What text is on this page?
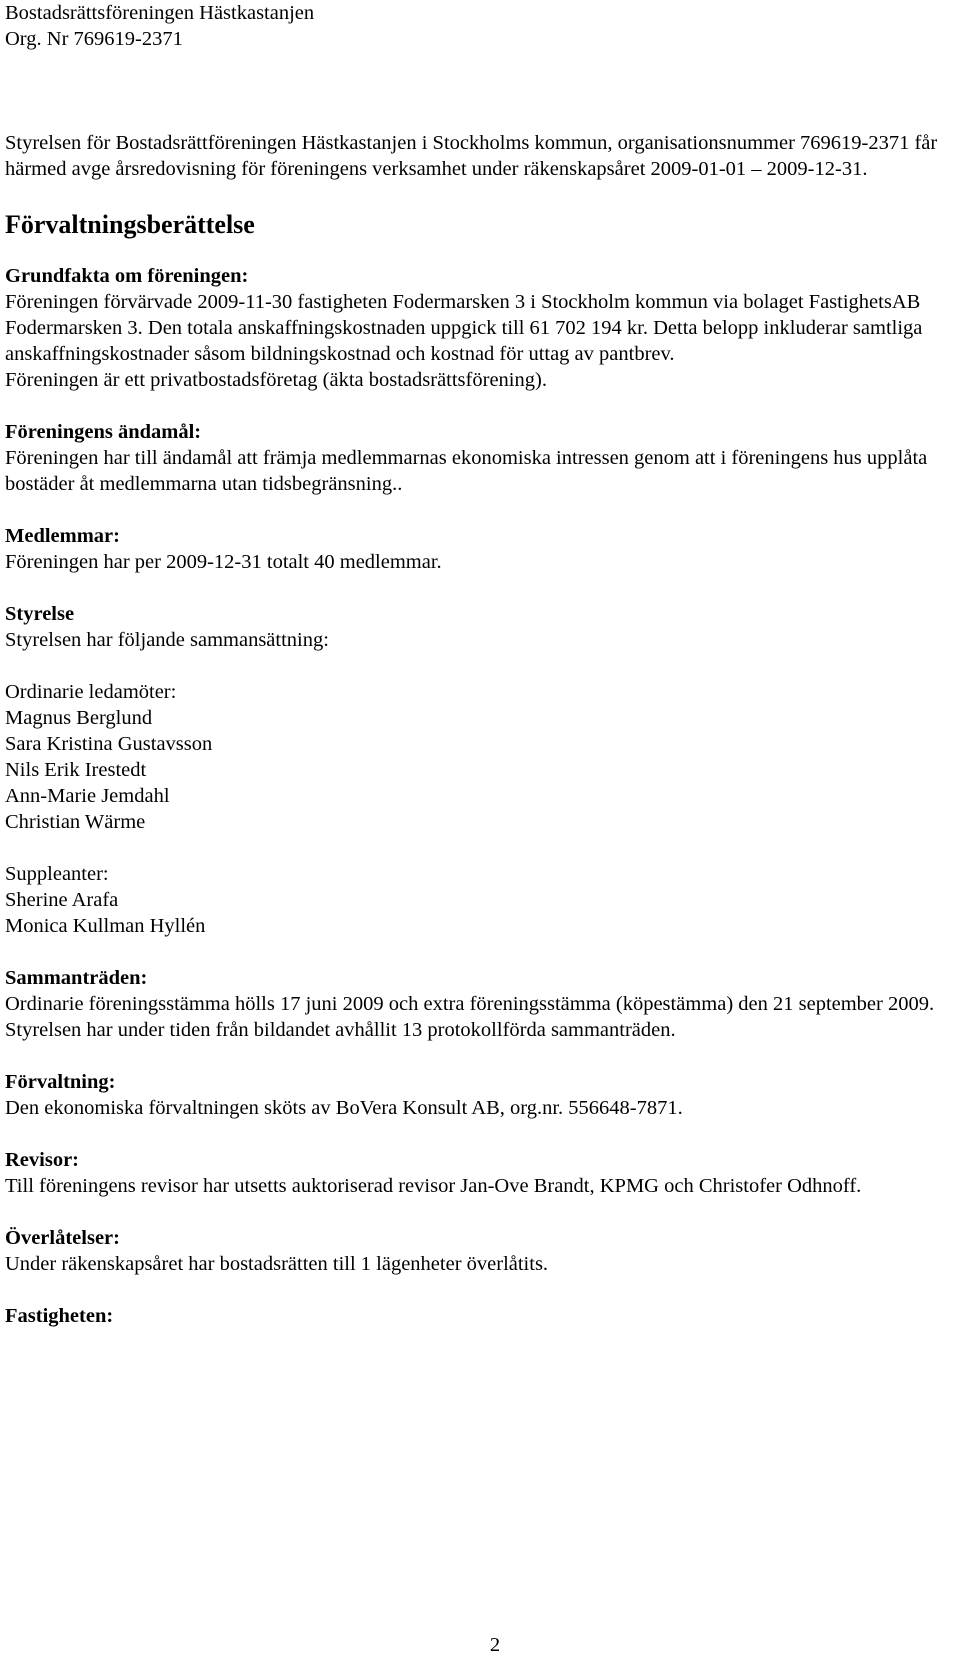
Bostadsrättsföreningen Hästkastanjen

Org. Nr 769619-2371

Styrelsen för Bostadsrättföreningen Hästkastanjen i Stockholms kommun, organisationsnummer 769619-2371 får härmed avge årsredovisning för föreningens verksamhet under räkenskapsåret 2009-01-01 – 2009-12-31.

Förvaltningsberättelse

Grundfakta om föreningen:

Föreningen förvärvade 2009-11-30 fastigheten Fodermarsken 3 i Stockholm kommun via bolaget FastighetsAB Fodermarsken 3. Den totala anskaffningskostnaden uppgick till 61 702 194 kr. Detta belopp inkluderar samtliga anskaffningskostnader såsom bildningskostnad och kostnad för uttag av pantbrev.

Föreningen är ett privatbostadsföretag (äkta bostadsrättsförening).

Föreningens ändamål:

Föreningen har till ändamål att främja medlemmarnas ekonomiska intressen genom att i föreningens hus upplåta bostäder åt medlemmarna utan tidsbegränsning..

Medlemmar:

Föreningen har per 2009-12-31 totalt 40 medlemmar.

Styrelse

Styrelsen har följande sammansättning:

Ordinarie ledamöter:

Magnus Berglund

Sara Kristina Gustavsson

Nils Erik Irestedt

Ann-Marie Jemdahl

Christian Wärme

Suppleanter:

Sherine Arafa

Monica Kullman Hyllén

Sammanträden:

Ordinarie föreningsstämma hölls 17 juni 2009 och extra föreningsstämma (köpestämma) den 21 september 2009.

Styrelsen har under tiden från bildandet avhållit 13 protokollförda sammanträden.

Förvaltning:

Den ekonomiska förvaltningen sköts av BoVera Konsult AB, org.nr. 556648-7871.

Revisor:

Till föreningens revisor har utsetts auktoriserad revisor Jan-Ove Brandt, KPMG och Christofer Odhnoff.

Överlåtelser:

Under räkenskapsåret har bostadsrätten till 1 lägenheter överlåtits.

Fastigheten:

2
